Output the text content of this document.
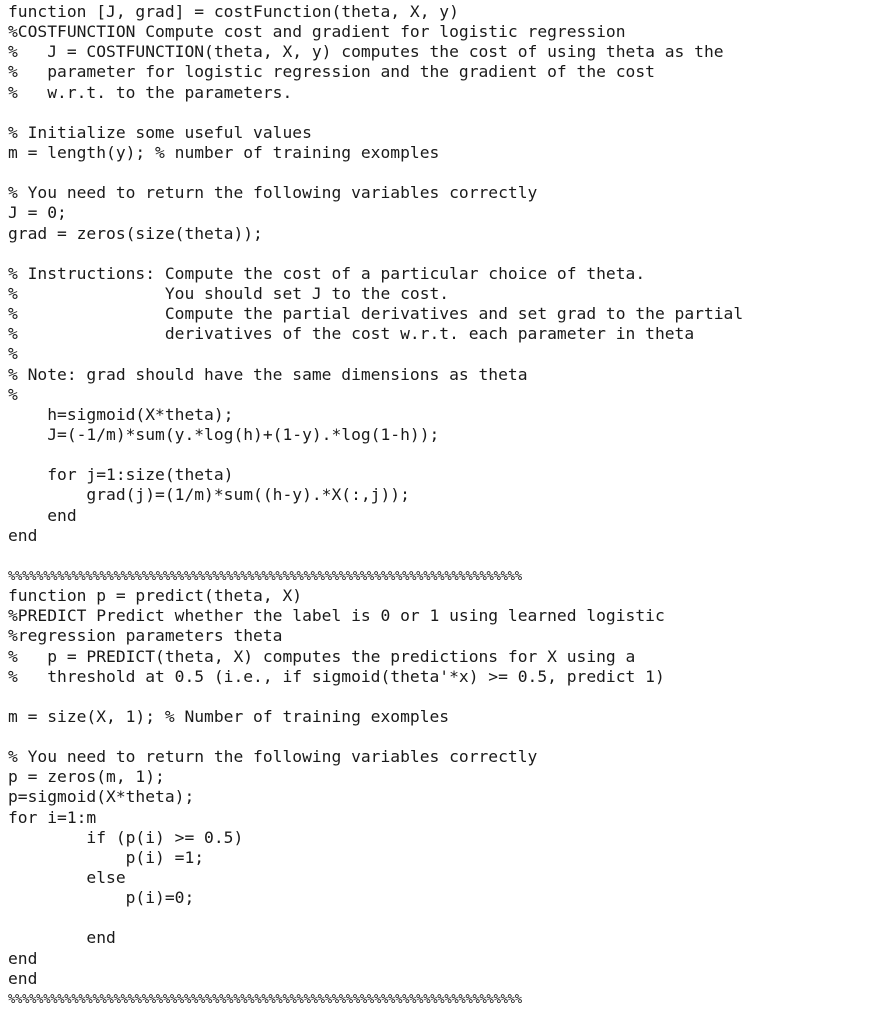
function [J, grad] = costFunction(theta, X, y)
%COSTFUNCTION Compute cost and gradient for logistic regression
%   J = COSTFUNCTION(theta, X, y) computes the cost of using theta as the
%   parameter for logistic regression and the gradient of the cost
%   w.r.t. to the parameters.
% Initialize some useful values
m = length(y); % number of training exomples
% You need to return the following variables correctly
J = 0;
grad = zeros(size(theta));
% Instructions: Compute the cost of a particular choice of theta.
%               You should set J to the cost.
%               Compute the partial derivatives and set grad to the partial
%               derivatives of the cost w.r.t. each parameter in theta
%
% Note: grad should have the same dimensions as theta
%
h=sigmoid(X*theta);
J=(-1/m)*sum(y.*log(h)+(1-y).*log(1-h));
for j=1:size(theta)
grad(j)=(1/m)*sum((h-y).*X(:,j));
end
end
%%%%%%%%%%%%%%%%%%%%%%%%%%%%%%%%%%%%%%%%%%%%%%%%%%%%%%%%%%%%%%%%%%%%%%%%%
function p = predict(theta, X)
%PREDICT Predict whether the label is 0 or 1 using learned logistic
%regression parameters theta
%   p = PREDICT(theta, X) computes the predictions for X using a
%   threshold at 0.5 (i.e., if sigmoid(theta'*x) >= 0.5, predict 1)
m = size(X, 1); % Number of training exomples
% You need to return the following variables correctly
p = zeros(m, 1);
p=sigmoid(X*theta);
for i=1:m
if (p(i) >= 0.5)
p(i) =1;
else
p(i)=0;
end
end
end
%%%%%%%%%%%%%%%%%%%%%%%%%%%%%%%%%%%%%%%%%%%%%%%%%%%%%%%%%%%%%%%%%%%%%%%%%
